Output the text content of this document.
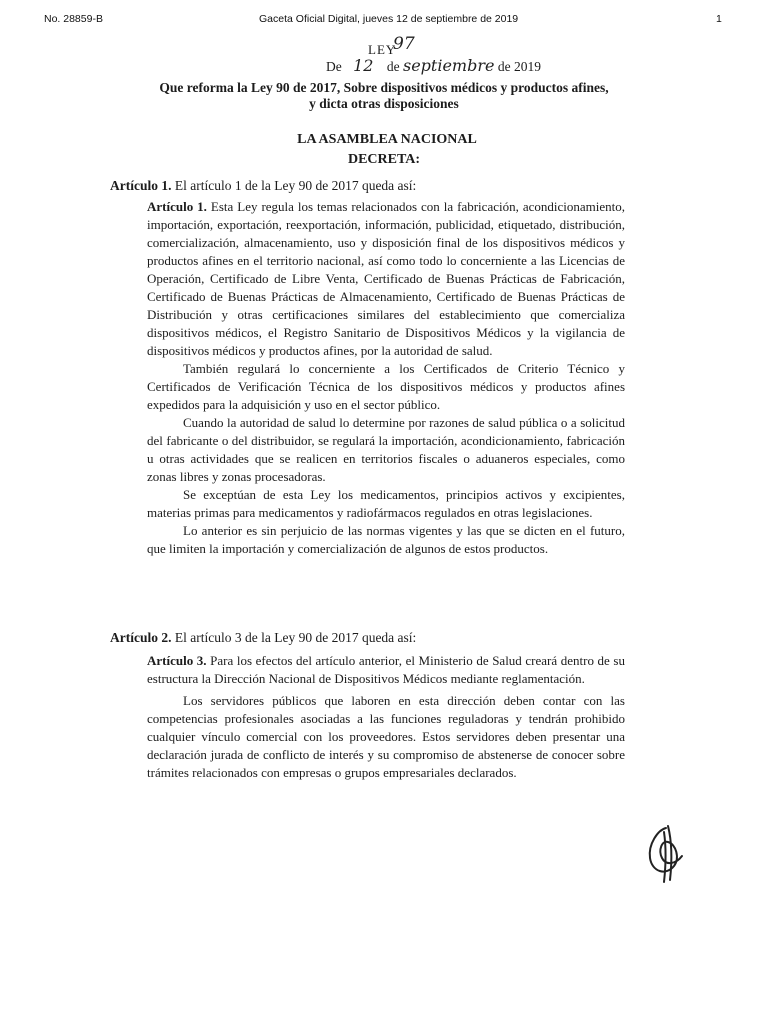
No. 28859-B	Gaceta Oficial Digital, jueves 12 de septiembre de 2019	1
LEY
97
De 12 de septiembre de 2019
Que reforma la Ley 90 de 2017, Sobre dispositivos médicos y productos afines,
y dicta otras disposiciones
LA ASAMBLEA NACIONAL
DECRETA:
Artículo 1. El artículo 1 de la Ley 90 de 2017 queda así:

Artículo 1. Esta Ley regula los temas relacionados con la fabricación, acondicionamiento, importación, exportación, reexportación, información, publicidad, etiquetado, distribución, comercialización, almacenamiento, uso y disposición final de los dispositivos médicos y productos afines en el territorio nacional, así como todo lo concerniente a las Licencias de Operación, Certificado de Libre Venta, Certificado de Buenas Prácticas de Fabricación, Certificado de Buenas Prácticas de Almacenamiento, Certificado de Buenas Prácticas de Distribución y otras certificaciones similares del establecimiento que comercializa dispositivos médicos, el Registro Sanitario de Dispositivos Médicos y la vigilancia de dispositivos médicos y productos afines, por la autoridad de salud.

También regulará lo concerniente a los Certificados de Criterio Técnico y Certificados de Verificación Técnica de los dispositivos médicos y productos afines expedidos para la adquisición y uso en el sector público.

Cuando la autoridad de salud lo determine por razones de salud pública o a solicitud del fabricante o del distribuidor, se regulará la importación, acondicionamiento, fabricación u otras actividades que se realicen en territorios fiscales o aduaneros especiales, como zonas libres y zonas procesadoras.

Se exceptúan de esta Ley los medicamentos, principios activos y excipientes, materias primas para medicamentos y radiofármacos regulados en otras legislaciones.

Lo anterior es sin perjuicio de las normas vigentes y las que se dicten en el futuro, que limiten la importación y comercialización de algunos de estos productos.

Artículo 2. El artículo 3 de la Ley 90 de 2017 queda así:

Artículo 3. Para los efectos del artículo anterior, el Ministerio de Salud creará dentro de su estructura la Dirección Nacional de Dispositivos Médicos mediante reglamentación.

Los servidores públicos que laboren en esta dirección deben contar con las competencias profesionales asociadas a las funciones reguladoras y tendrán prohibido cualquier vínculo comercial con los proveedores. Estos servidores deben presentar una declaración jurada de conflicto de interés y su compromiso de abstenerse de conocer sobre trámites relacionados con empresas o grupos empresariales declarados.
